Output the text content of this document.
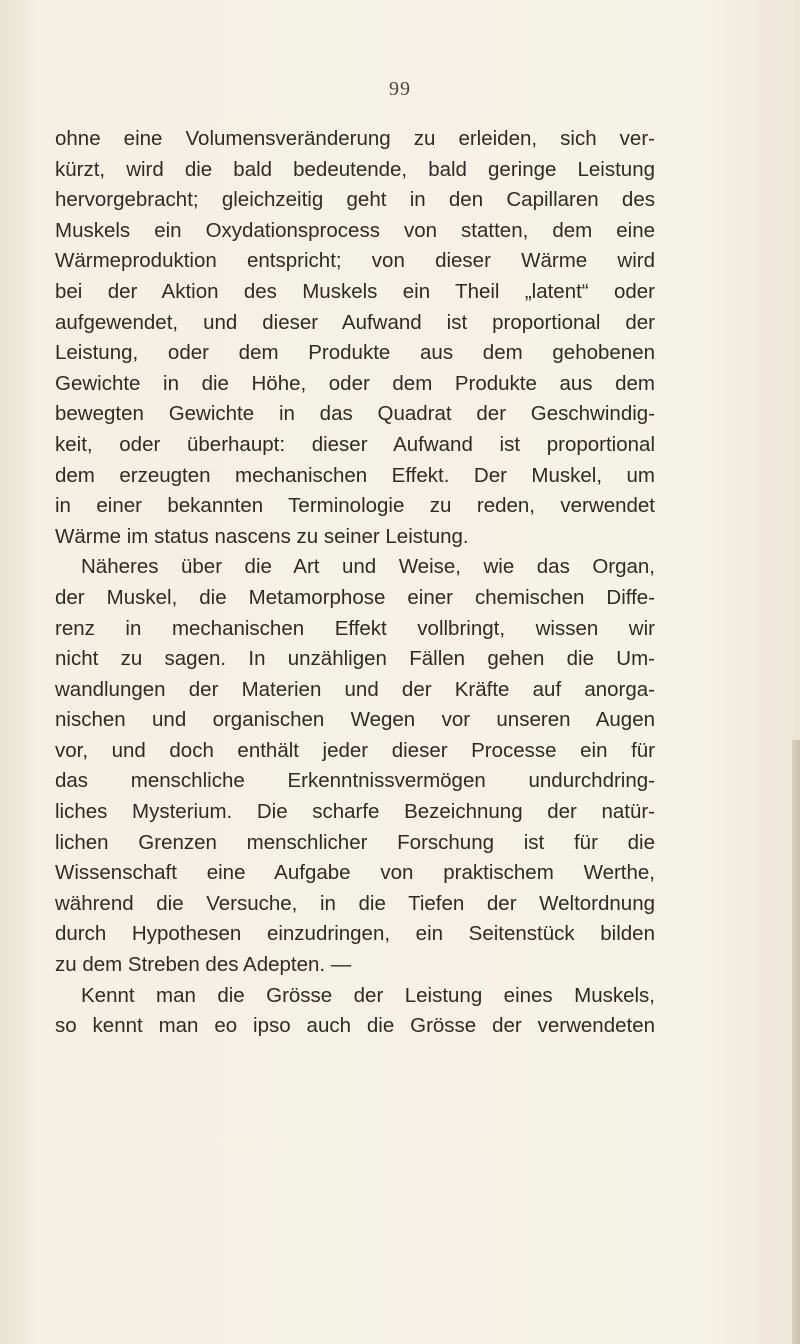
99
ohne eine Volumensveränderung zu erleiden, sich ver-
kürzt, wird die bald bedeutende, bald geringe Leistung
hervorgebracht; gleichzeitig geht in den Capillaren des
Muskels ein Oxydationsprocess von statten, dem eine
Wärmeproduktion entspricht; von dieser Wärme wird
bei der Aktion des Muskels ein Theil „latent“ oder
aufgewendet, und dieser Aufwand ist proportional der
Leistung, oder dem Produkte aus dem gehobenen
Gewichte in die Höhe, oder dem Produkte aus dem
bewegten Gewichte in das Quadrat der Geschwindig-
keit, oder überhaupt: dieser Aufwand ist proportional
dem erzeugten mechanischen Effekt. Der Muskel, um
in einer bekannten Terminologie zu reden, verwendet
Wärme im status nascens zu seiner Leistung.
Näheres über die Art und Weise, wie das Organ,
der Muskel, die Metamorphose einer chemischen Diffe-
renz in mechanischen Effekt vollbringt, wissen wir
nicht zu sagen. In unzähligen Fällen gehen die Um-
wandlungen der Materien und der Kräfte auf anorga-
nischen und organischen Wegen vor unseren Augen
vor, und doch enthält jeder dieser Processe ein für
das menschliche Erkenntnissvermögen undurchdring-
liches Mysterium. Die scharfe Bezeichnung der natür-
lichen Grenzen menschlicher Forschung ist für die
Wissenschaft eine Aufgabe von praktischem Werthe,
während die Versuche, in die Tiefen der Weltordnung
durch Hypothesen einzudringen, ein Seitenstück bilden
zu dem Streben des Adepten. —
Kennt man die Grösse der Leistung eines Muskels,
so kennt man eo ipso auch die Grösse der verwendeten
